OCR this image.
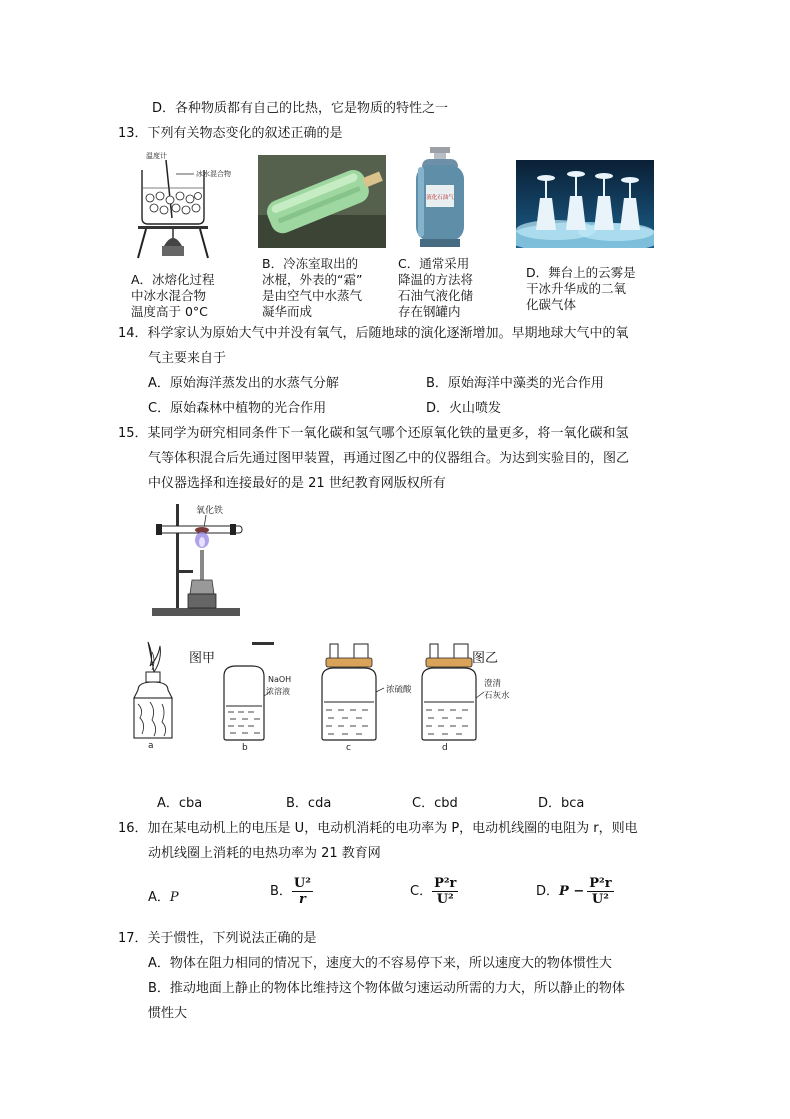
D．各种物质都有自己的比热，它是物质的特性之一
13．下列有关物态变化的叙述正确的是
温度计
冰水混合物
A．冰熔化过程
中冰水混合物
温度高于 0°C
B．冷冻室取出的
冰棍，外表的“霜”
是由空气中水蒸气
凝华而成
液化石油气
C．通常采用
降温的方法将
石油气液化储
存在钢罐内
D．舞台上的云雾是
干冰升华成的二氧
化碳气体
14．科学家认为原始大气中并没有氧气，后随地球的演化逐渐增加。早期地球大气中的氧
气主要来自于
A．原始海洋蒸发出的水蒸气分解	B．原始海洋中藻类的光合作用
C．原始森林中植物的光合作用	D．火山喷发
15．某同学为研究相同条件下一氧化碳和氢气哪个还原氧化铁的量更多，将一氧化碳和氢
气等体积混合后先通过图甲装置，再通过图乙中的仪器组合。为达到实验目的，图乙
中仪器选择和连接最好的是 21 世纪教育网版权所有
氧化铁
a
图甲
NaOH
浓溶液
b
浓硫酸
c
澄清
石灰水
d
图乙
A．cba	B．cda	C．cbd	D．bca
16．加在某电动机上的电压是 U，电动机消耗的电功率为 P，电动机线圈的电阻为 r，则电
动机线圈上消耗的电热功率为 21 教育网
A．P	B． $\frac{\text{U²}}{r}$	C． $\frac{\text{P²r}}{\text{U²}}$	D． $P - \frac{\text{P²r}}{\text{U²}}$
17．关于惯性，下列说法正确的是
A．物体在阻力相同的情况下，速度大的不容易停下来，所以速度大的物体惯性大
B．推动地面上静止的物体比维持这个物体做匀速运动所需的力大，所以静止的物体
惯性大
